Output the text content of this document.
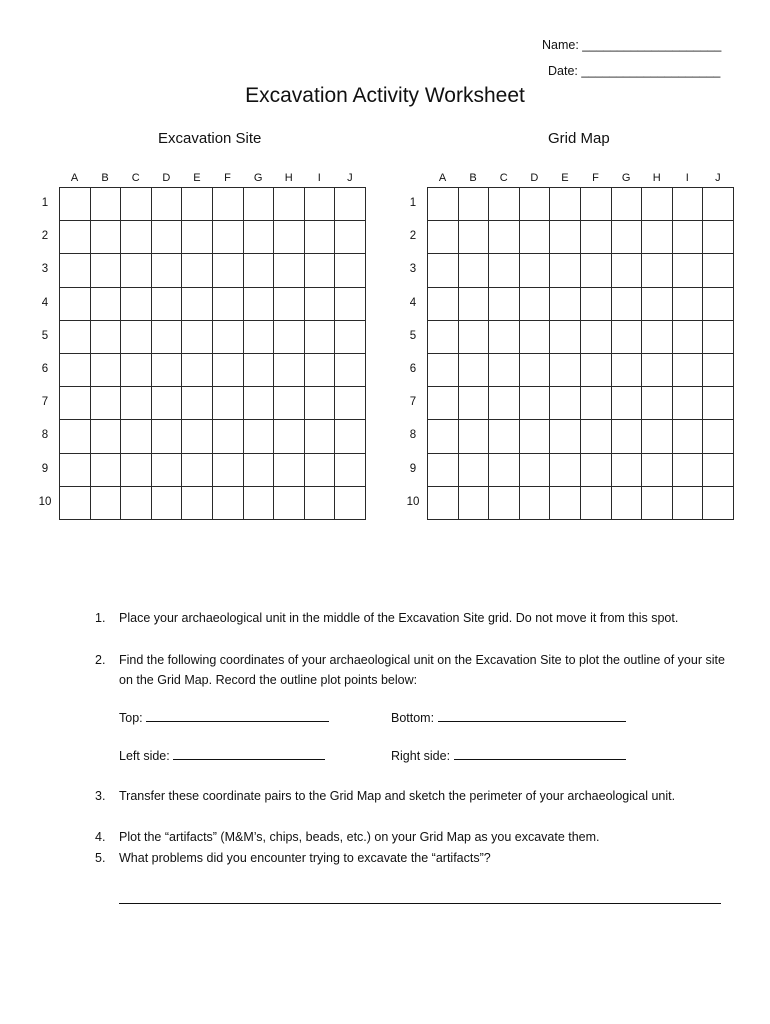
Name: ____________________
Date: ____________________
Excavation Activity Worksheet
Excavation Site	Grid Map
A	B	C	D	E	F	G	H	I	J
1
2
3
4
5
6
7
8
9
10

A	B	C	D	E	F	G	H	I	J
1
2
3
4
5
6
7
8
9
10

1. Place your archaeological unit in the middle of the Excavation Site grid. Do not move it from this spot.
2. Find the following coordinates of your archaeological unit on the Excavation Site to plot the outline of your site on the Grid Map. Record the outline plot points below:
Top:	Bottom:
Left side:	Right side:
3. Transfer these coordinate pairs to the Grid Map and sketch the perimeter of your archaeological unit.
4. Plot the “artifacts” (M&M’s, chips, beads, etc.) on your Grid Map as you excavate them.
5. What problems did you encounter trying to excavate the “artifacts”?
